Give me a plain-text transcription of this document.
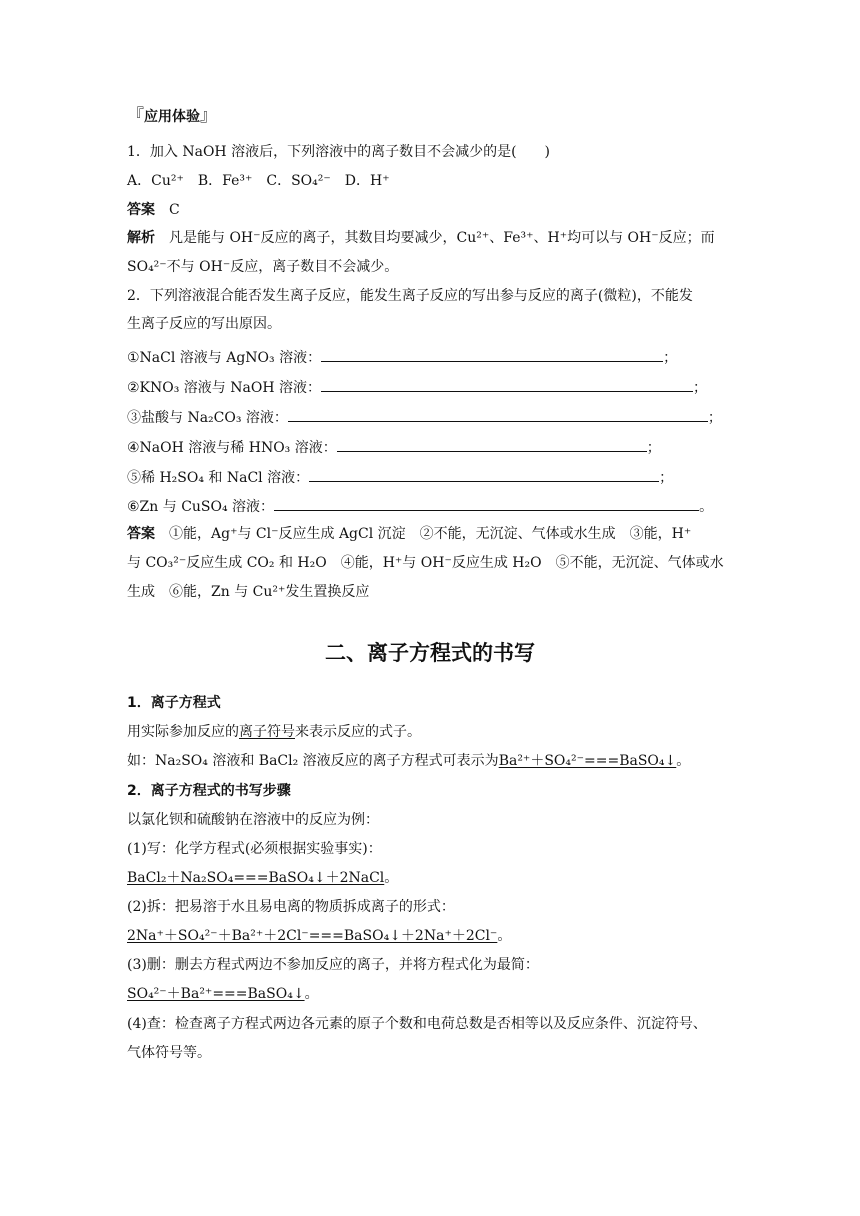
『应用体验』
1．加入 NaOH 溶液后，下列溶液中的离子数目不会减少的是(　　)
A．Cu²⁺　B．Fe³⁺　C．SO₄²⁻　D．H⁺
答案 C
解析 凡是能与 OH⁻反应的离子，其数目均要减少，Cu²⁺、Fe³⁺、H⁺均可以与 OH⁻反应；而
SO₄²⁻不与 OH⁻反应，离子数目不会减少。
2．下列溶液混合能否发生离子反应，能发生离子反应的写出参与反应的离子(微粒)，不能发
生离子反应的写出原因。
①NaCl 溶液与 AgNO₃ 溶液：	；
②KNO₃ 溶液与 NaOH 溶液：	；
③盐酸与 Na₂CO₃ 溶液：	；
④NaOH 溶液与稀 HNO₃ 溶液：	；
⑤稀 H₂SO₄ 和 NaCl 溶液：	；
⑥Zn 与 CuSO₄ 溶液：	。
答案 ①能，Ag⁺与 Cl⁻反应生成 AgCl 沉淀　②不能，无沉淀、气体或水生成　③能，H⁺
与 CO₃²⁻反应生成 CO₂ 和 H₂O　④能，H⁺与 OH⁻反应生成 H₂O　⑤不能，无沉淀、气体或水
生成　⑥能，Zn 与 Cu²⁺发生置换反应
二、离子方程式的书写
1．离子方程式
用实际参加反应的离子符号来表示反应的式子。
如：Na₂SO₄ 溶液和 BaCl₂ 溶液反应的离子方程式可表示为Ba²⁺＋SO₄²⁻===BaSO₄↓。
2．离子方程式的书写步骤
以氯化钡和硫酸钠在溶液中的反应为例：
(1)写：化学方程式(必须根据实验事实)：
BaCl₂＋Na₂SO₄===BaSO₄↓＋2NaCl。
(2)拆：把易溶于水且易电离的物质拆成离子的形式：
2Na⁺＋SO₄²⁻＋Ba²⁺＋2Cl⁻===BaSO₄↓＋2Na⁺＋2Cl⁻。
(3)删：删去方程式两边不参加反应的离子，并将方程式化为最简：
SO₄²⁻＋Ba²⁺===BaSO₄↓。
(4)查：检查离子方程式两边各元素的原子个数和电荷总数是否相等以及反应条件、沉淀符号、
气体符号等。
